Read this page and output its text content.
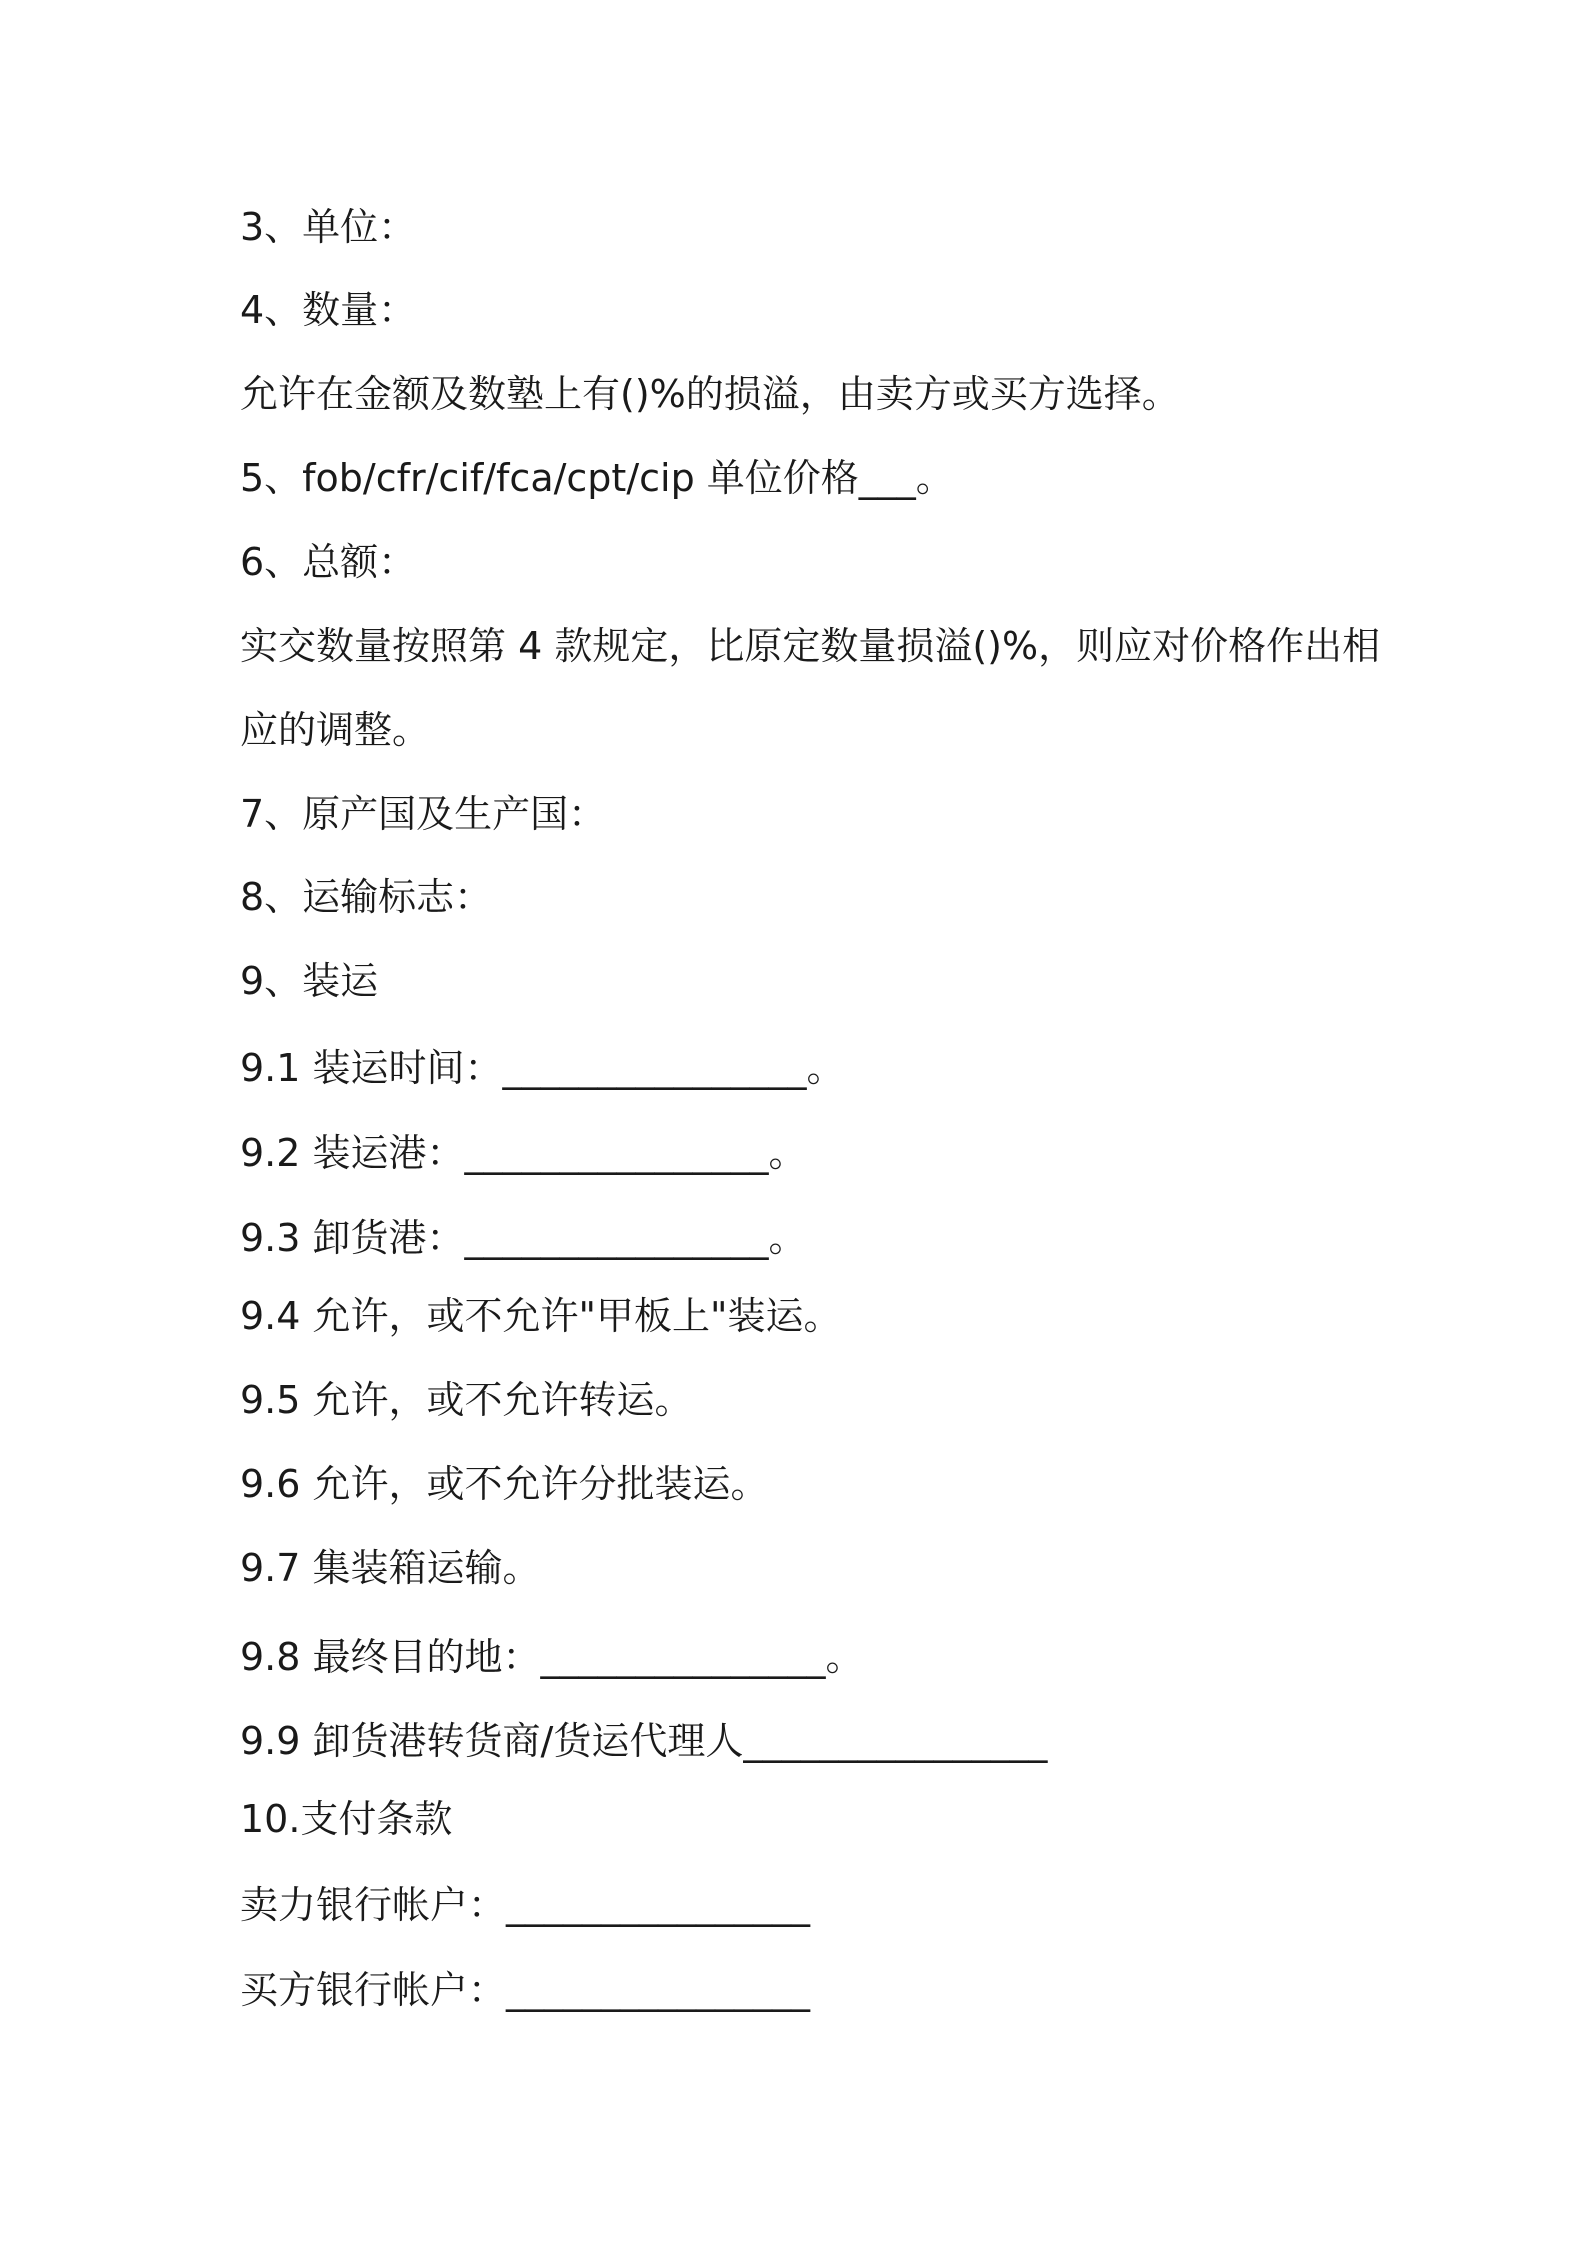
3、单位：
4、数量：
允许在金额及数塾上有()%的损溢，由卖方或买方选择。
5、fob/cfr/cif/fca/cpt/cip 单位价格___。
6、总额：
实交数量按照第 4 款规定，比原定数量损溢()%，则应对价格作出相
应的调整。
7、原产国及生产国：
8、运输标志：
9、装运
9.1 装运时间：________________。
9.2 装运港：________________。
9.3 卸货港：________________。
9.4 允许，或不允许"甲板上"装运。
9.5 允许，或不允许转运。
9.6 允许，或不允许分批装运。
9.7 集装箱运输。
9.8 最终目的地：_______________。
9.9 卸货港转货商/货运代理人________________
10.支付条款
卖力银行帐户：________________
买方银行帐户：________________
